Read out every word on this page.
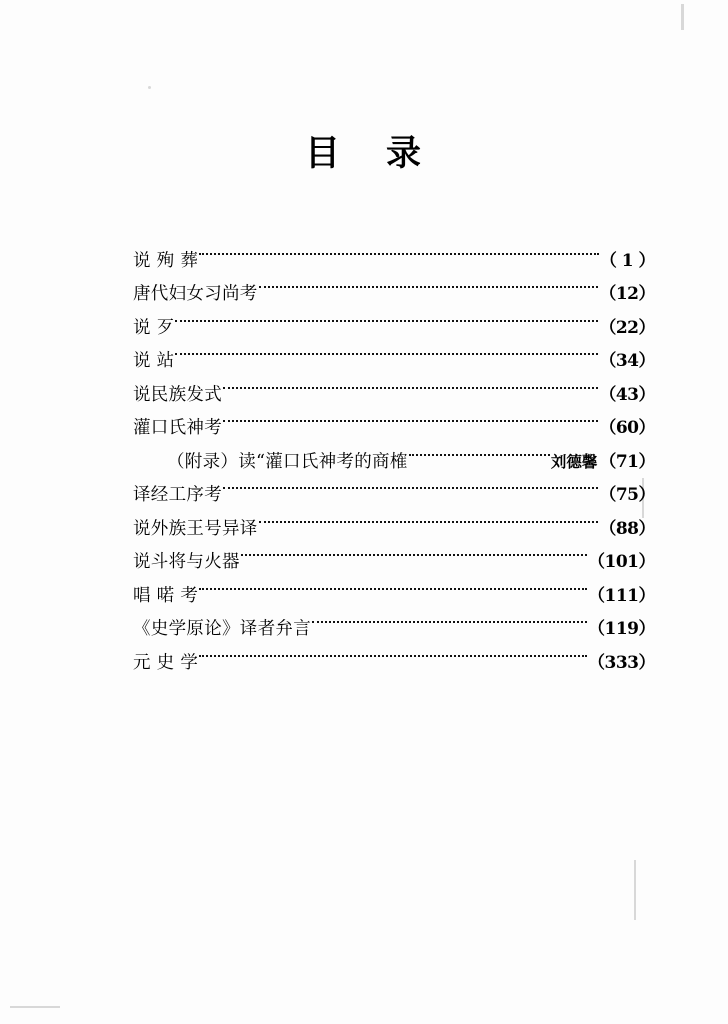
目 录
说 殉 葬	（ 1 ）
唐代妇女习尚考	（12）
说 歹	（22）
说 站	（34）
说民族发式	（43）
灌口氏神考	（60）
（附录）读“灌口氏神考的商榷	刘德馨 （71）
译经工序考	（75）
说外族王号异译	（88）
说斗将与火器	（101）
唱 喏 考	（111）
《史学原论》译者弁言	（119）
元 史 学	（333）
